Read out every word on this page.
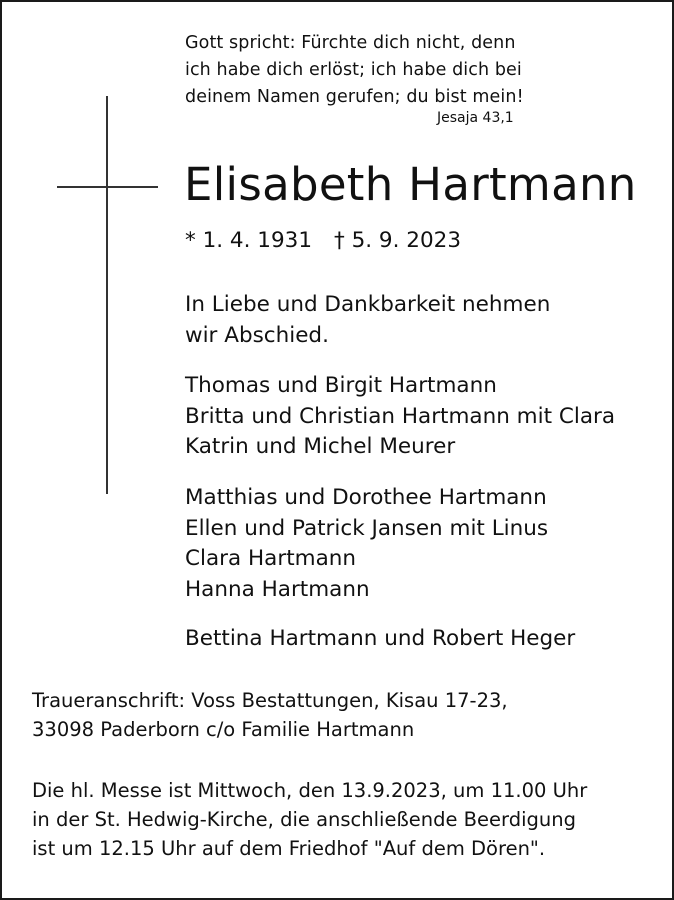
Gott spricht: Fürchte dich nicht, denn
ich habe dich erlöst; ich habe dich bei
deinem Namen gerufen; du bist mein!
Jesaja 43,1
Elisabeth Hartmann
* 1. 4. 1931 † 5. 9. 2023
In Liebe und Dankbarkeit nehmen
wir Abschied.
Thomas und Birgit Hartmann
Britta und Christian Hartmann mit Clara
Katrin und Michel Meurer
Matthias und Dorothee Hartmann
Ellen und Patrick Jansen mit Linus
Clara Hartmann
Hanna Hartmann
Bettina Hartmann und Robert Heger
Traueranschrift: Voss Bestattungen, Kisau 17-23,
33098 Paderborn c/o Familie Hartmann
Die hl. Messe ist Mittwoch, den 13.9.2023, um 11.00 Uhr
in der St. Hedwig-Kirche, die anschließende Beerdigung
ist um 12.15 Uhr auf dem Friedhof "Auf dem Dören".
